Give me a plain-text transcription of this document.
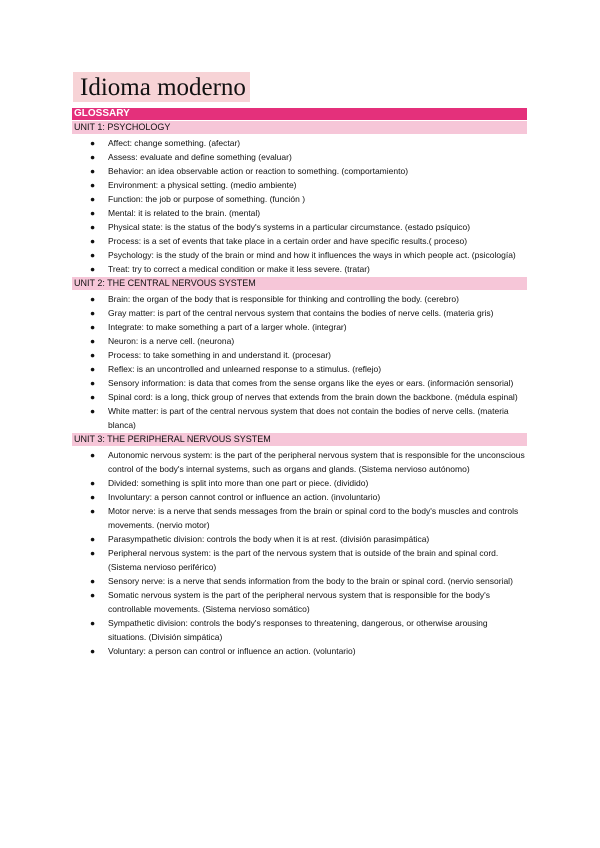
Idioma moderno
GLOSSARY
UNIT 1: PSYCHOLOGY
● Affect: change something. (afectar)
● Assess: evaluate and define something (evaluar)
● Behavior: an idea observable action or reaction to something. (comportamiento)
● Environment: a physical setting. (medio ambiente)
● Function: the job or purpose of something. (función )
● Mental: it is related to the brain. (mental)
● Physical state: is the status of the body's systems in a particular circumstance. (estado psíquico)
● Process: is a set of events that take place in a certain order and have specific results.( proceso)
● Psychology: is the study of the brain or mind and how it influences the ways in which people act. (psicología)
● Treat: try to correct a medical condition or make it less severe. (tratar)
UNIT 2: THE CENTRAL NERVOUS SYSTEM
● Brain: the organ of the body that is responsible for thinking and controlling the body. (cerebro)
● Gray matter: is part of the central nervous system that contains the bodies of nerve cells. (materia gris)
● Integrate: to make something a part of a larger whole. (integrar)
● Neuron: is a nerve cell. (neurona)
● Process: to take something in and understand it. (procesar)
● Reflex: is an uncontrolled and unlearned response to a stimulus. (reflejo)
● Sensory information: is data that comes from the sense organs like the eyes or ears. (información sensorial)
● Spinal cord: is a long, thick group of nerves that extends from the brain down the backbone. (médula espinal)
● White matter: is part of the central nervous system that does not contain the bodies of nerve cells. (materia blanca)
UNIT 3: THE PERIPHERAL NERVOUS SYSTEM
● Autonomic nervous system: is the part of the peripheral nervous system that is responsible for the unconscious control of the body's internal systems, such as organs and glands. (Sistema nervioso autónomo)
● Divided: something is split into more than one part or piece. (dividido)
● Involuntary: a person cannot control or influence an action. (involuntario)
● Motor nerve: is a nerve that sends messages from the brain or spinal cord to the body's muscles and controls movements. (nervio motor)
● Parasympathetic division: controls the body when it is at rest. (división parasimpática)
● Peripheral nervous system: is the part of the nervous system that is outside of the brain and spinal cord. (Sistema nervioso periférico)
● Sensory nerve: is a nerve that sends information from the body to the brain or spinal cord. (nervio sensorial)
● Somatic nervous system is the part of the peripheral nervous system that is responsible for the body's controllable movements. (Sistema nervioso somático)
● Sympathetic division: controls the body's responses to threatening, dangerous, or otherwise arousing situations. (División simpática)
● Voluntary: a person can control or influence an action. (voluntario)
